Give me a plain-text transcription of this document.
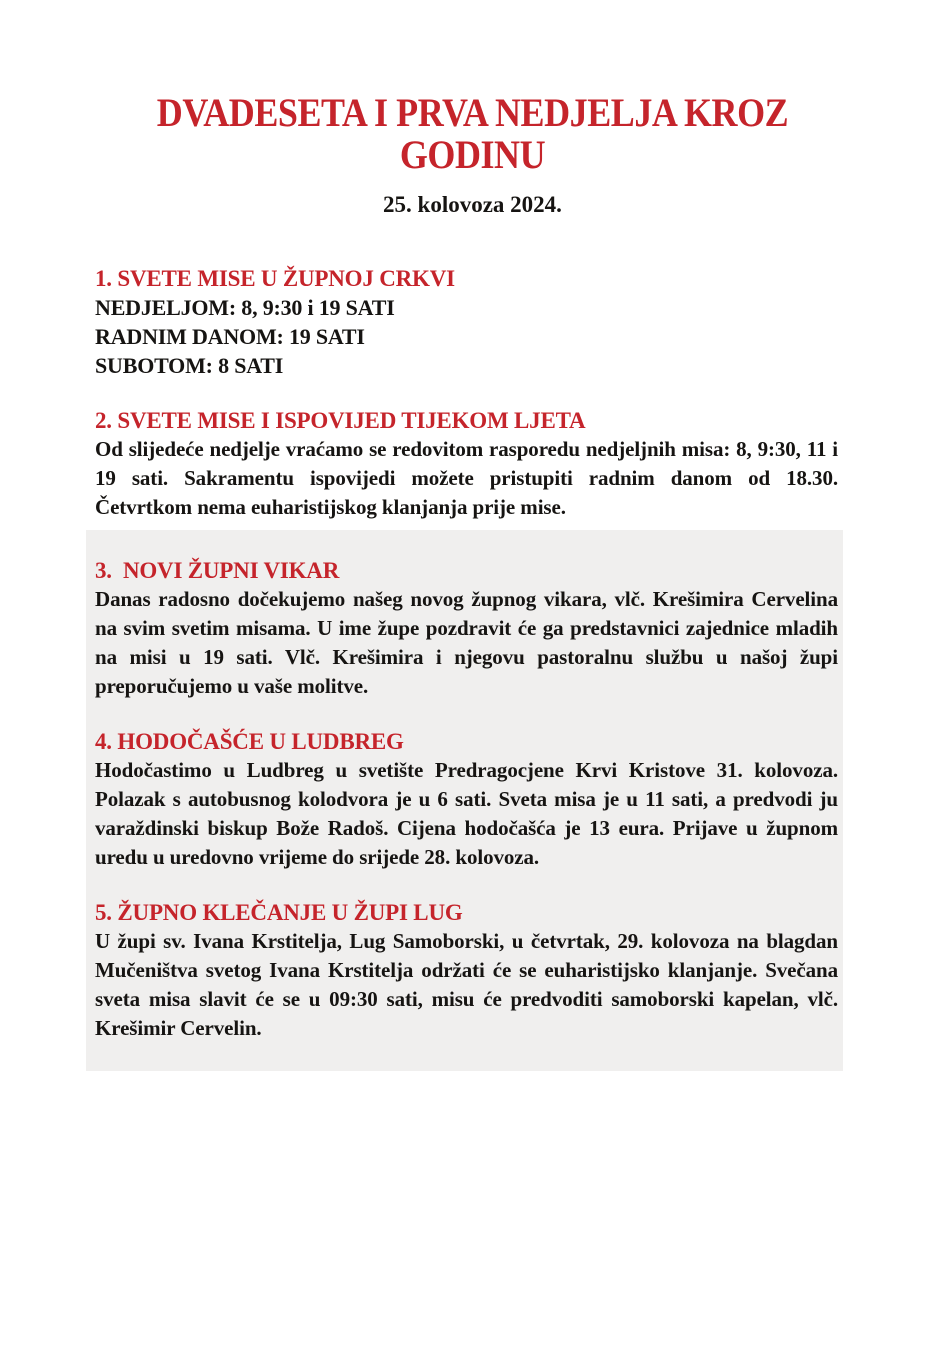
DVADESETA I PRVA NEDJELJA KROZ
GODINU

25. kolovoza 2024.

1. SVETE MISE U ŽUPNOJ CRKVI

NEDJELJOM: 8, 9:30 i 19 SATI

RADNIM DANOM: 19 SATI

SUBOTOM: 8 SATI

2. SVETE MISE I ISPOVIJED TIJEKOM LJETA

Od slijedeće nedjelje vraćamo se redovitom rasporedu nedjeljnih misa: 8, 9:30, 11 i 19 sati. Sakramentu ispovijedi možete pristupiti radnim danom od 18.30. Četvrtkom nema euharistijskog klanjanja prije mise.

3.  NOVI ŽUPNI VIKAR

Danas radosno dočekujemo našeg novog župnog vikara, vlč. Krešimira Cervelina na svim svetim misama. U ime župe pozdravit će ga predstavnici zajednice mladih na misi u 19 sati. Vlč. Krešimira i njegovu pastoralnu službu u našoj župi preporučujemo u vaše molitve.

4. HODOČAŠĆE U LUDBREG

Hodočastimo u Ludbreg u svetište Predragocjene Krvi Kristove 31. kolovoza. Polazak s autobusnog kolodvora je u 6 sati. Sveta misa je u 11 sati, a predvodi ju varaždinski biskup Bože Radoš. Cijena hodočašća je 13 eura. Prijave u župnom uredu u uredovno vrijeme do srijede 28. kolovoza.

5. ŽUPNO KLEČANJE U ŽUPI LUG

U župi sv. Ivana Krstitelja, Lug Samoborski, u četvrtak, 29. kolovoza na blagdan Mučeništva svetog Ivana Krstitelja održati će se euharistijsko klanjanje. Svečana sveta misa slavit će se u 09:30 sati, misu će predvoditi samoborski kapelan, vlč. Krešimir Cervelin.
